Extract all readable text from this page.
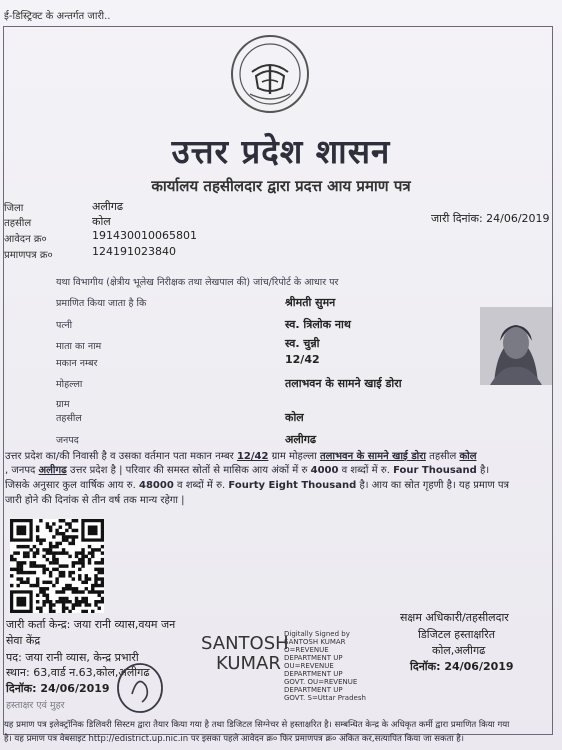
ई-डिस्ट्रिक्ट के अन्तर्गत जारी..
उत्तर प्रदेश शासन
कार्यालय तहसीलदार द्वारा प्रदत्त आय प्रमाण पत्र
जिला	अलीगढ
तहसील	कोल
आवेदन क्र०	191430010065801
प्रमाणपत्र क्र०	124191023840
जारी दिनांक: 24/06/2019
यथा विभागीय (क्षेत्रीय भूलेख निरीक्षक तथा लेखपाल की) जांच/रिपोर्ट के आधार पर
प्रमाणित किया जाता है कि	श्रीमती सुमन
पत्नी	स्व. त्रिलोक नाथ
माता का नाम	स्व. चुन्नी
मकान नम्बर	12/42
मोहल्ला	तलाभवन के सामने खाई डोरा
ग्राम
तहसील	कोल
जनपद	अलीगढ
उत्तर प्रदेश का/की निवासी है व उसका वर्तमान पता मकान नम्बर 12/42 ग्राम मोहल्ला तलाभवन के सामने खाई डोरा तहसील कोल
, जनपद अलीगढ उत्तर प्रदेश है | परिवार की समस्त स्रोतों से मासिक आय अंकों में रु 4000 व शब्दों में रु. Four Thousand है।
जिसके अनुसार कुल वार्षिक आय रु. 48000 व शब्दों में रु. Fourty Eight Thousand है। आय का स्रोत गृहणी है। यह प्रमाण पत्र
जारी होने की दिनांक से तीन वर्ष तक मान्य रहेगा |
जारी कर्ता केन्द्र: जया रानी व्यास,वयम जन
सेवा केंद्र
पद: जया रानी व्यास, केन्द्र प्रभारी
स्थान: 63,वार्ड न.63,कोल,अलीगढ
दिनॉक: 24/06/2019
हस्ताक्षर एवं मुहर
SANTOSH
KUMAR
Digitally Signed by
SANTOSH KUMAR
O=REVENUE
DEPARTMENT UP
OU=REVENUE
DEPARTMENT UP
GOVT. OU=REVENUE
DEPARTMENT UP
GOVT. S=Uttar Pradesh
सक्षम अधिकारी/तहसीलदार
डिजिटल हस्ताक्षरित
कोल,अलीगढ
दिनॉक: 24/06/2019
यह प्रमाण पत्र इलेक्ट्रॉनिक डिलिवरी सिस्टम द्वारा तैयार किया गया है तथा डिजिटल सिग्नेचर से हस्ताक्षरित है। सम्बन्धित केन्द्र के अधिकृत कर्मी द्वारा प्रमाणित किया गया
है। यह प्रमाण पत्र वेबसाइट http://edistrict.up.nic.in पर इसका पहले आवेदन क्र० फिर प्रमाणपत्र क्र० अंकित कर,सत्यापित किया जा सकता है।
